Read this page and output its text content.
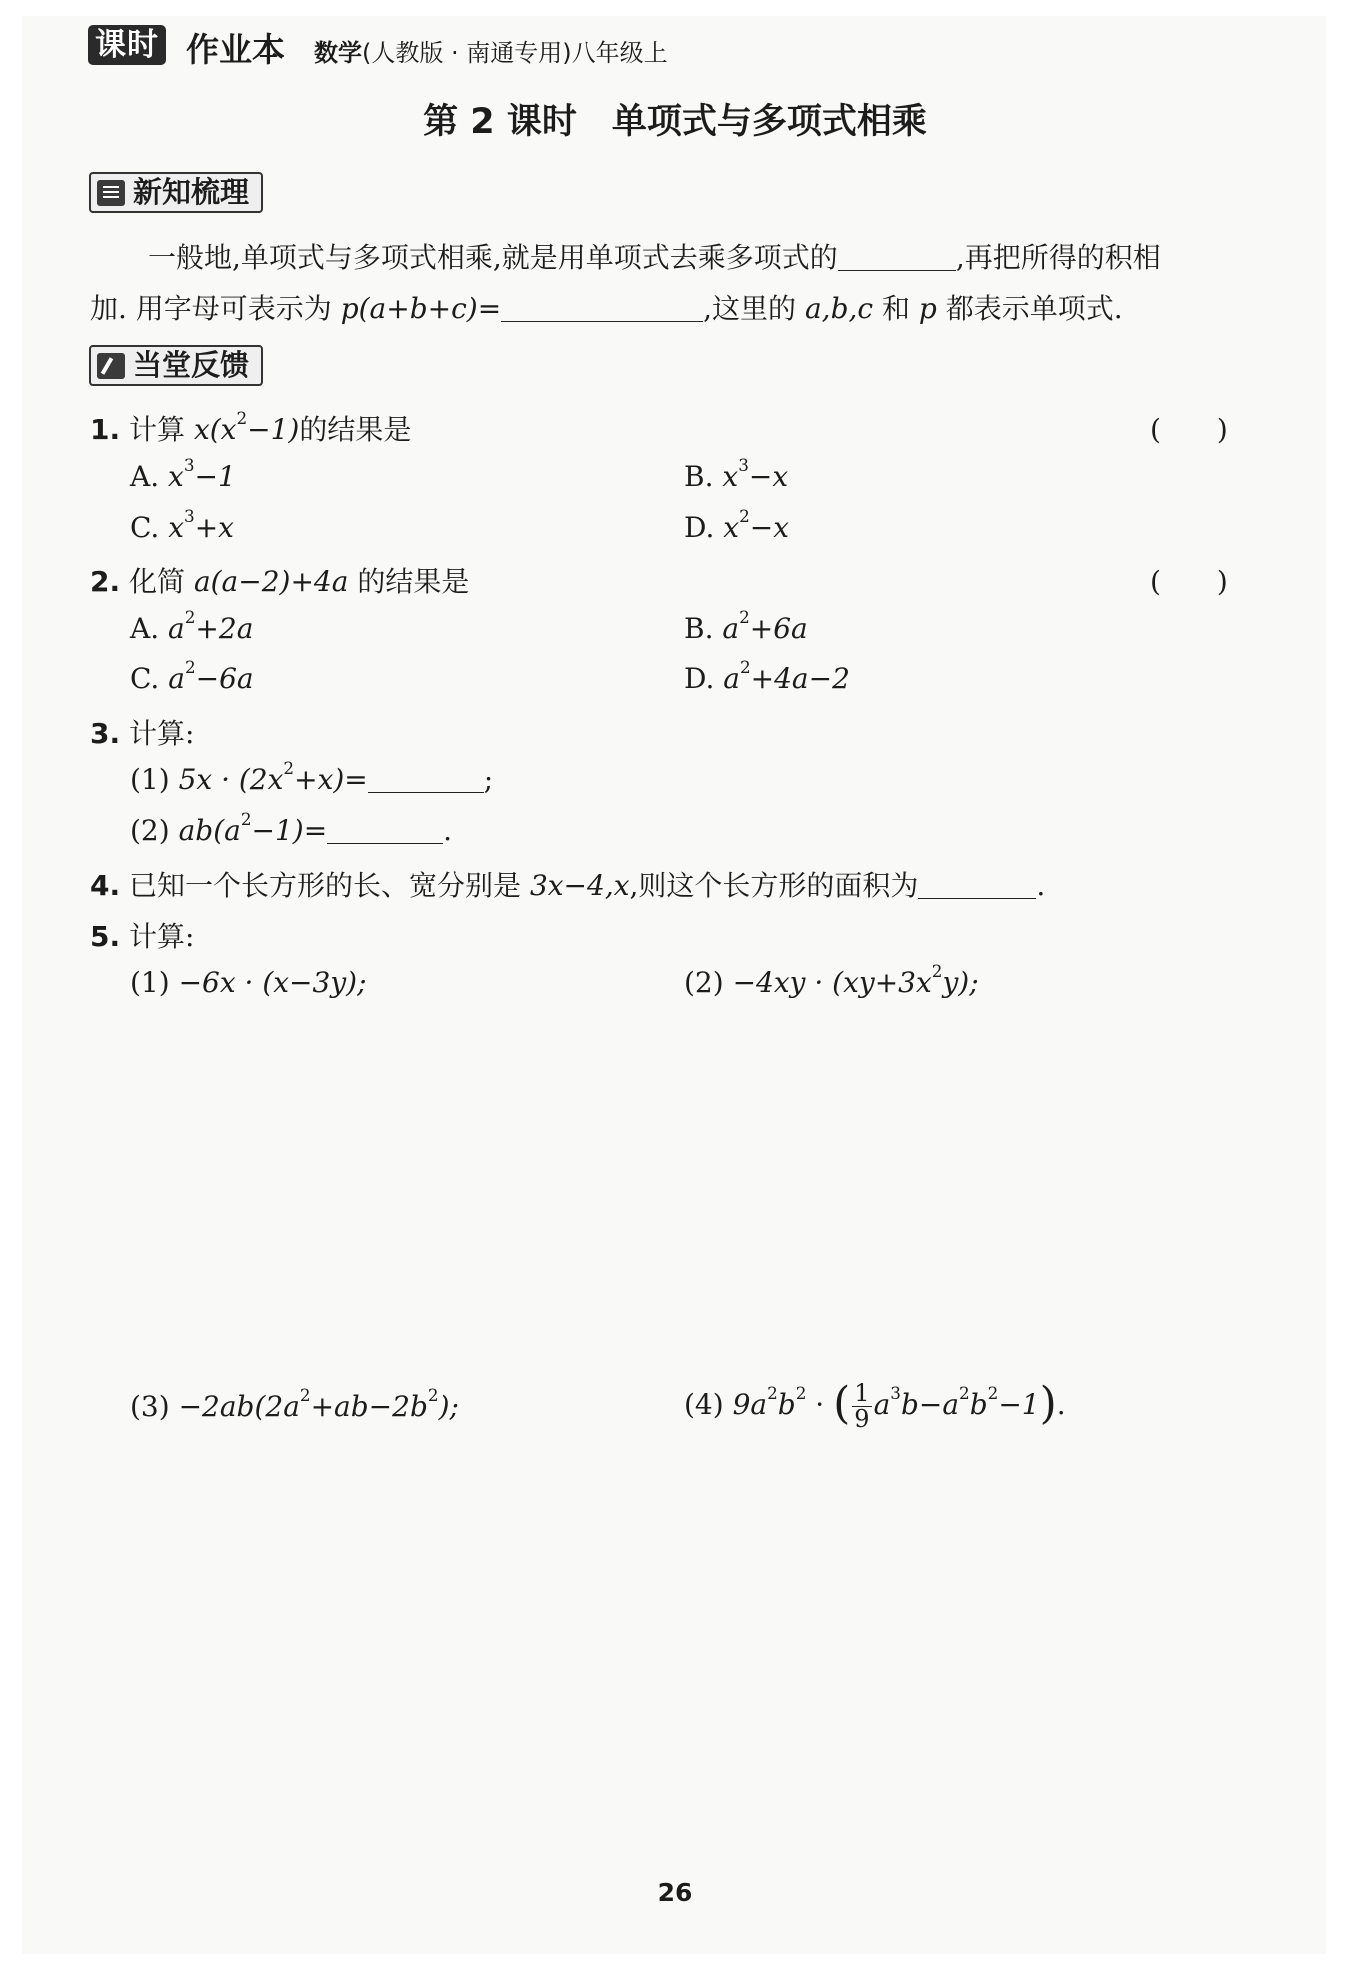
课时 作业本 数学(人教版 · 南通专用)八年级上
第 2 课时　单项式与多项式相乘
新知梳理
一般地,单项式与多项式相乘,就是用单项式去乘多项式的	,再把所得的积相
加. 用字母可表示为 p(a+b+c)=	,这里的 a,b,c 和 p 都表示单项式.
当堂反馈
1. 计算 $x(x^2-1)$的结果是	(　　)
A. $x^3-1$	B. $x^3-x$
C. $x^3+x$	D. $x^2-x$
2. 化简 a(a−2)+4a 的结果是	(　　)
A. $a^2+2a$	B. $a^2+6a$
C. $a^2-6a$	D. $a^2+4a-2$
3. 计算:
(1) $5x \cdot (2x^2+x)=$	;
(2) $ab(a^2-1)=$	.
4. 已知一个长方形的长、宽分别是 3x−4,x,则这个长方形的面积为	.
5. 计算:
(1) −6x · (x−3y);	$(2) -4xy \cdot (xy+3x^2y)$;
$(3) -2ab(2a^2+ab-2b^2)$;	(4) $9a^2b^2$ · ( $\frac{1}{9} a^3b-a^2b^2-1$).
26
